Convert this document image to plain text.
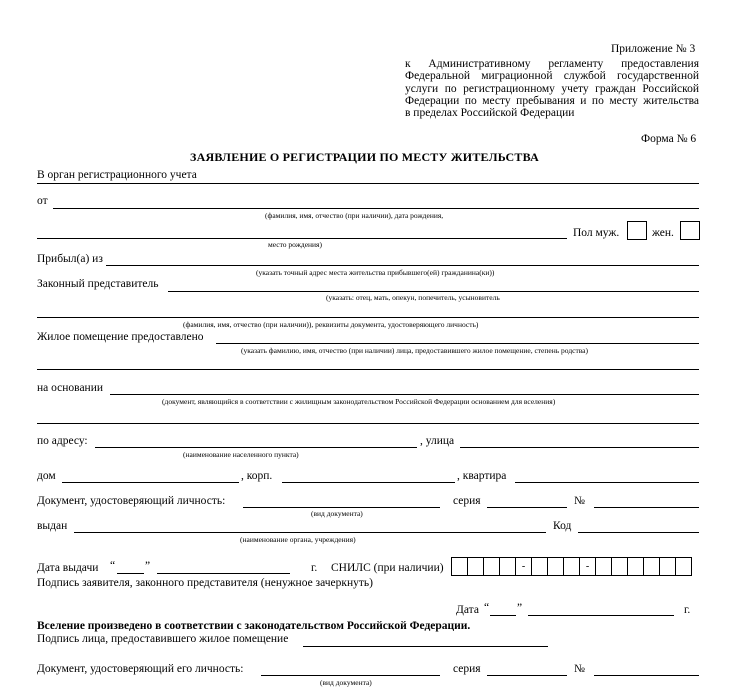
Приложение № 3
к Административному регламенту предоставления
Федеральной миграционной службой государственной
услуги по регистрационному учету граждан Российской
Федерации по месту пребывания и по месту жительства
в пределах Российской Федерации
Форма № 6
ЗАЯВЛЕНИЕ О РЕГИСТРАЦИИ ПО МЕСТУ ЖИТЕЛЬСТВА
В орган регистрационного учета
от
(фамилия, имя, отчество (при наличии), дата рождения,
Пол муж.	жен.
место рождения)
Прибыл(а) из
(указать точный адрес места жительства прибывшего(ей) гражданина(ки))
Законный представитель
(указать: отец, мать, опекун, попечитель, усыновитель
(фамилия, имя, отчество (при наличии)), реквизиты документа, удостоверяющего личность)
Жилое помещение предоставлено
(указать фамилию, имя, отчество (при наличии) лица, предоставившего жилое помещение, степень родства)
на основании
(документ, являющийся в соответствии с жилищным законодательством Российской Федерации основанием для вселения)
по адресу:	, улица
(наименование населенного пункта)
дом	, корп.	, квартира
Документ, удостоверяющий личность:	серия	№
(вид документа)
выдан	Код
(наименование органа, учреждения)
Дата выдачи “	”	г. СНИЛС (при наличии)	-	-
Подпись заявителя, законного представителя (ненужное зачеркнуть)
Дата “ ”	г.
Вселение произведено в соответствии с законодательством Российской Федерации.
Подпись лица, предоставившего жилое помещение
Документ, удостоверяющий его личность:	серия	№
(вид документа)
